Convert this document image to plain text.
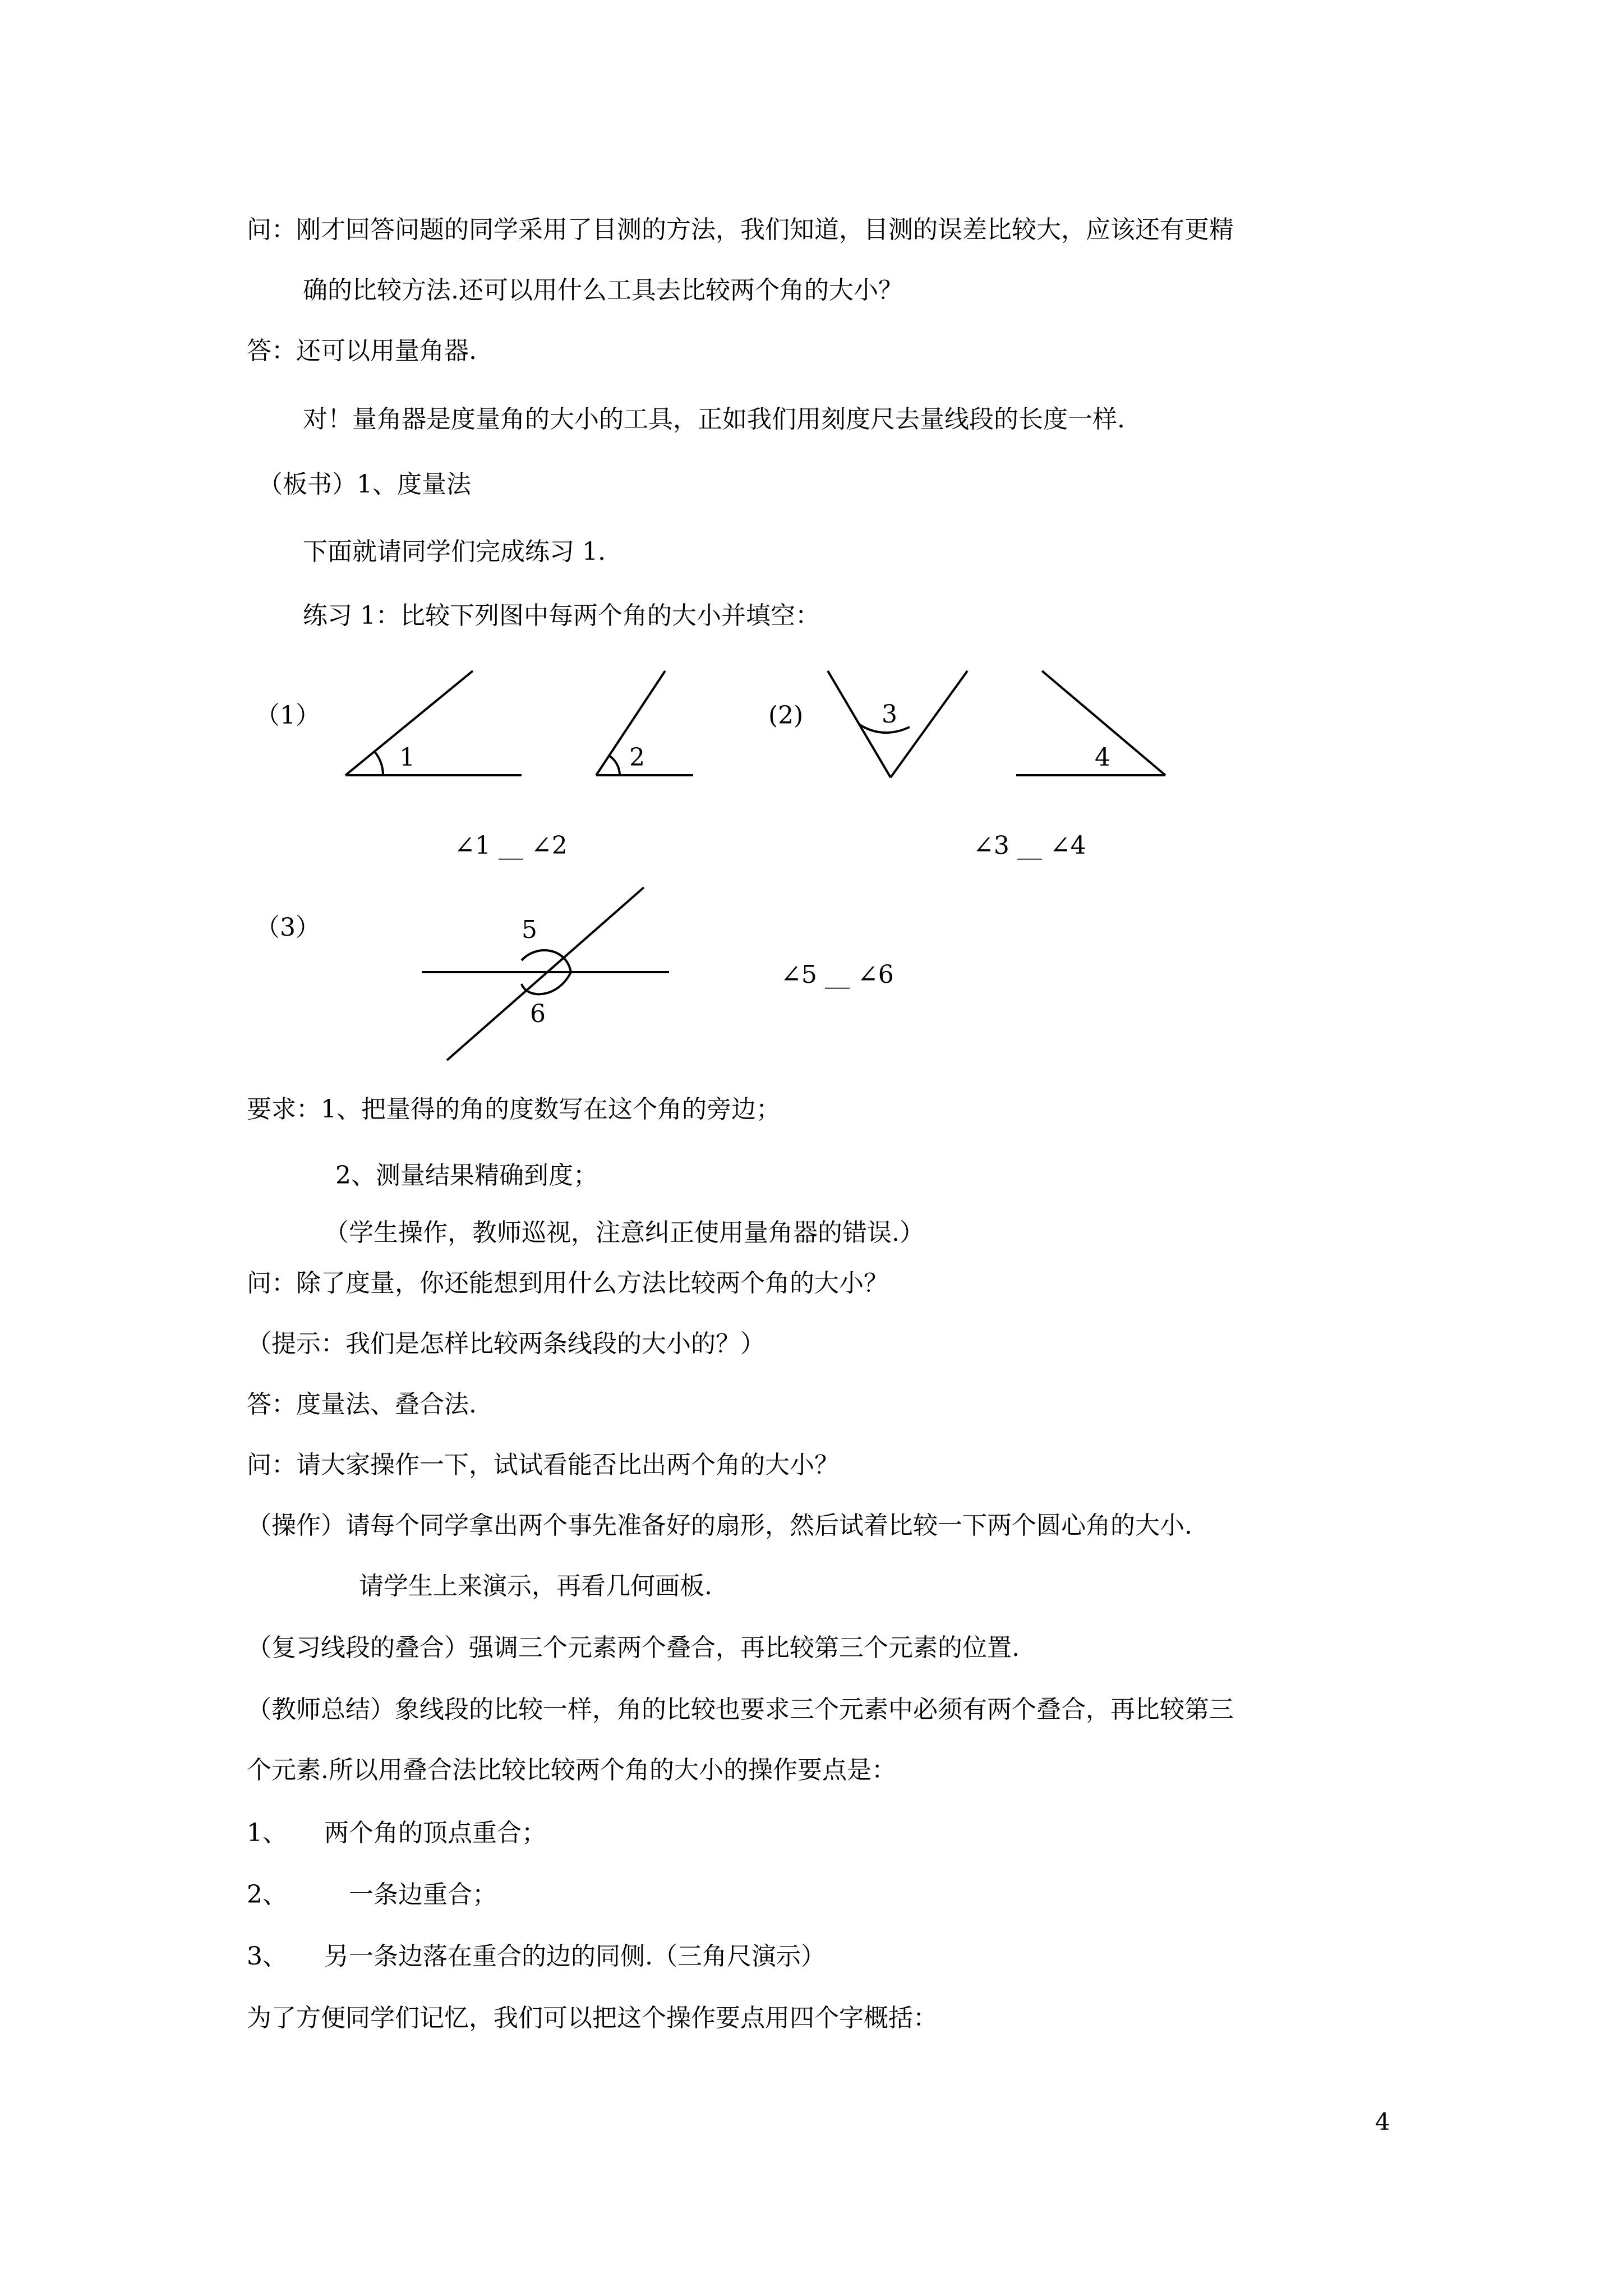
问：刚才回答问题的同学采用了目测的方法，我们知道，目测的误差比较大，应该还有更精
确的比较方法.还可以用什么工具去比较两个角的大小？
答：还可以用量角器.
对！量角器是度量角的大小的工具，正如我们用刻度尺去量线段的长度一样.
（板书）1、度量法
下面就请同学们完成练习 1.
练习 1：比较下列图中每两个角的大小并填空：
（1）	(2)
（3）
1	2
3
4
∠1 __ ∠2	∠3 __ ∠4
5
6
∠5 __ ∠6
要求：1、把量得的角的度数写在这个角的旁边；
2、测量结果精确到度；
（学生操作，教师巡视，注意纠正使用量角器的错误.）
问：除了度量，你还能想到用什么方法比较两个角的大小？
（提示：我们是怎样比较两条线段的大小的？）
答：度量法、叠合法.
问：请大家操作一下，试试看能否比出两个角的大小？
（操作）请每个同学拿出两个事先准备好的扇形，然后试着比较一下两个圆心角的大小.
请学生上来演示，再看几何画板.
（复习线段的叠合）强调三个元素两个叠合，再比较第三个元素的位置.
（教师总结）象线段的比较一样，角的比较也要求三个元素中必须有两个叠合，再比较第三
个元素.所以用叠合法比较比较两个角的大小的操作要点是：
1、　　两个角的顶点重合；
2、　　　一条边重合；
3、　　另一条边落在重合的边的同侧.（三角尺演示）
为了方便同学们记忆，我们可以把这个操作要点用四个字概括：
4
